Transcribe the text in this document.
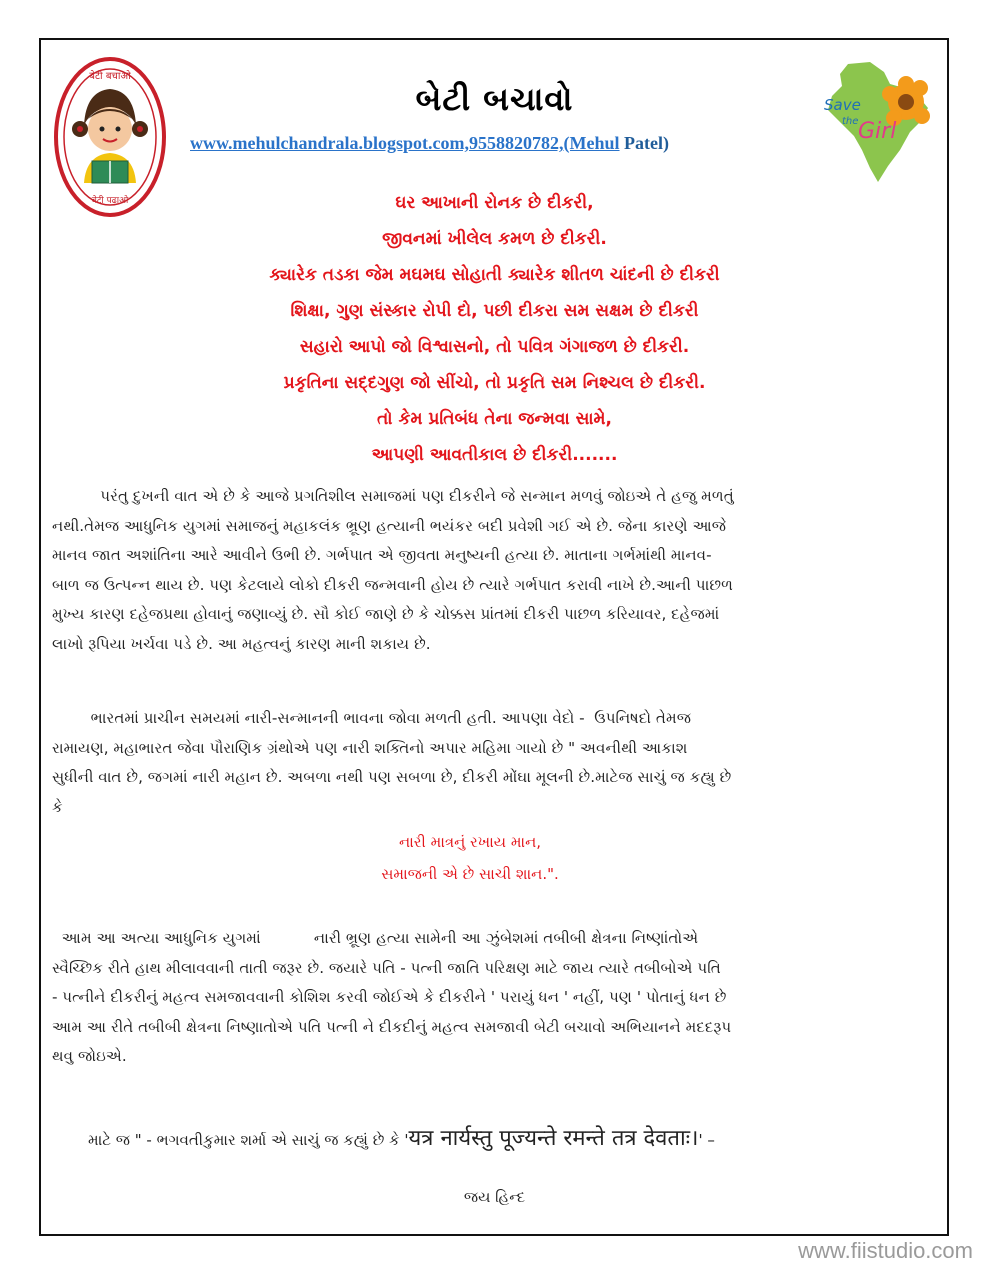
बेटी बचाओ
बेटी पढ़ाओ
Save
the Girl
બેટી બચાવો
www.mehulchandrala.blogspot.com,9558820782,(Mehul Patel)
ઘર આખાની રોનક છે દીકરી,
જીવનમાં ખીલેલ કમળ છે દીકરી.
ક્યારેક તડકા જેમ મઘમઘ સોહાતી ક્યારેક શીતળ ચાંદની છે દીકરી
શિક્ષા, ગુણ સંસ્કાર રોપી દો, પછી દીકરા સમ સક્ષમ છે દીકરી
સહારો આપો જો વિશ્વાસનો, તો પવિત્ર ગંગાજળ છે દીકરી.
પ્રકૃતિના સદ્દગુણ જો સીંચો, તો પ્રકૃતિ સમ નિશ્ચલ છે દીકરી.
તો કેમ પ્રતિબંધ તેના જન્મવા સામે,
આપણી આવતીકાલ છે દીકરી.......
પરંતુ દુખની વાત એ છે કે આજે પ્રગતિશીલ સમાજમાં પણ દીકરીને જે સન્માન મળવું જોઇએ તે હજુ મળતું
નથી.તેમજ આધુનિક યુગમાં સમાજનું મહાકલંક ભ્રૂણ હત્યાની ભયંકર બદી પ્રવેશી ગઈ એ છે. જેના કારણે આજે
માનવ જાત અશાંતિના આરે આવીને ઉભી છે. ગર્ભપાત એ જીવતા મનુષ્યની હત્યા છે. માતાના ગર્ભમાંથી માનવ-
બાળ જ ઉત્પન્ન થાય છે. પણ કેટલાયે લોકો દીકરી જન્મવાની હોય છે ત્યારે ગર્ભપાત કરાવી નાખે છે.આની પાછળ
મુખ્ય કારણ દહેજપ્રથા હોવાનું જણાવ્યું છે. સૌ કોઈ જાણે છે કે ચોક્કસ પ્રાંતમાં દીકરી પાછળ કરિયાવર, દહેજમાં
લાખો રૂપિયા ખર્ચવા પડે છે. આ મહત્વનું કારણ માની શકાય છે.
ભારતમાં પ્રાચીન સમયમાં નારી-સન્માનની ભાવના જોવા મળતી હતી. આપણા વેદો -  ઉપનિષદો તેમજ
રામાયણ, મહાભારત જેવા પૌરાણિક ગ્રંથોએ પણ નારી શક્તિનો અપાર મહિમા ગાયો છે " અવનીથી આકાશ
સુધીની વાત છે, જગમાં નારી મહાન છે. અબળા નથી પણ સબળા છે, દીકરી મોંઘા મૂલની છે.માટેજ સાચું જ કહ્યુ છે
કે
નારી માત્રનું રખાય માન,
સમાજની એ છે સાચી શાન.".
આમ આ અત્યા આધુનિક યુગમાં           નારી ભ્રૂણ હત્યા સામેની આ ઝુંબેશમાં તબીબી ક્ષેત્રના નિષ્ણાંતોએ
સ્વૈચ્છિક રીતે હાથ મીલાવવાની તાતી જરૂર છે. જયારે પતિ - પત્ની જાતિ પરિક્ષણ માટે જાય ત્યારે તબીબોએ પતિ
- પત્નીને દીકરીનું મહત્વ સમજાવવાની કોશિશ કરવી જોઈએ કે દીકરીને ' પરાયું ધન ' નહીં, પણ ' પોતાનું ધન છે
આમ આ રીતે તબીબી ક્ષેત્રના નિષ્ણાતોએ પતિ પત્ની ને દીકદીનું મહત્વ સમજાવી બેટી બચાવો અભિયાનને મદદરૂપ
થવુ જોઇએ.
માટે જ " - ભગવતીકુમાર શર્મા એ સાચું જ કહ્યું છે કે 'यत्र नार्यस्तु पूज्यन्ते रमन्ते तत्र देवताः।' –
જય હિન્દ
www.fiistudio.com
